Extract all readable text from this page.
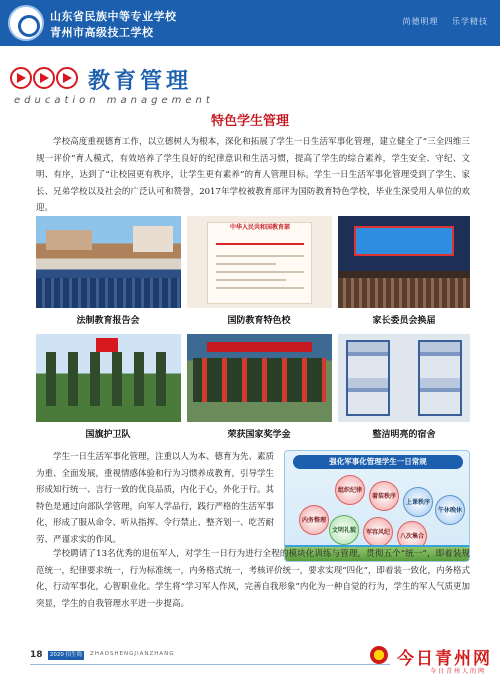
山东省民族中等专业学校
青州市高级技工学校
尚德明理 乐学精技
教育管理
education management
特色学生管理
学校高度重视德育工作，以立德树人为根本，深化和拓展了学生一日生活军事化管理，建立健全了“三全四维三规一评价”育人模式，有效培养了学生良好的纪律意识和生活习惯，提高了学生的综合素养，学生安全、守纪、文明、有序，达到了“让校园更有秩序，让学生更有素养”的育人管理目标。学生一日生活军事化管理受到了学生、家长、兄弟学校以及社会的广泛认可和赞誉，2017年学校被教育部评为国防教育特色学校，毕业生深受用人单位的欢迎。
中华人民共和国教育部
法制教育报告会	国防教育特色校	家长委员会换届
国旗护卫队	荣获国家奖学金	整洁明亮的宿舍
学生一日生活军事化管理，注重以人为本、德育为先、素质为重、全面发展，重视情感体验和行为习惯养成教育，引导学生形成知行统一、言行一致的优良品质，内化于心，外化于行。其特色是通过向部队学管理，向军人学品行，践行严格的生活军事化，形成了服从命令、听从指挥、令行禁止、整齐划一、吃苦耐劳、严谨求实的作风。
强化军事化管理学生一日常规
组织纪律
着装秩序
上课秩序
午休晚休
内务整理
文明礼貌	军容风纪
八次集合
学校聘请了13名优秀的退伍军人，对学生一日行为进行全程的模块化训练与管理，贯彻五个“统一”，即着装规范统一，纪律要求统一，行为标准统一，内务格式统一，考核评价统一，要求实现“四化”，即着装一致化，内务格式化，行动军事化，心智职业化。学生将“学习军人作风，完善自我形象”内化为一种自觉的行为，学生的军人气质更加突显，学生的自我管理水平进一步提高。
18	2020 招生简	ZHAOSHENGJIANZHANG	今日青州网
今日青州人的网
